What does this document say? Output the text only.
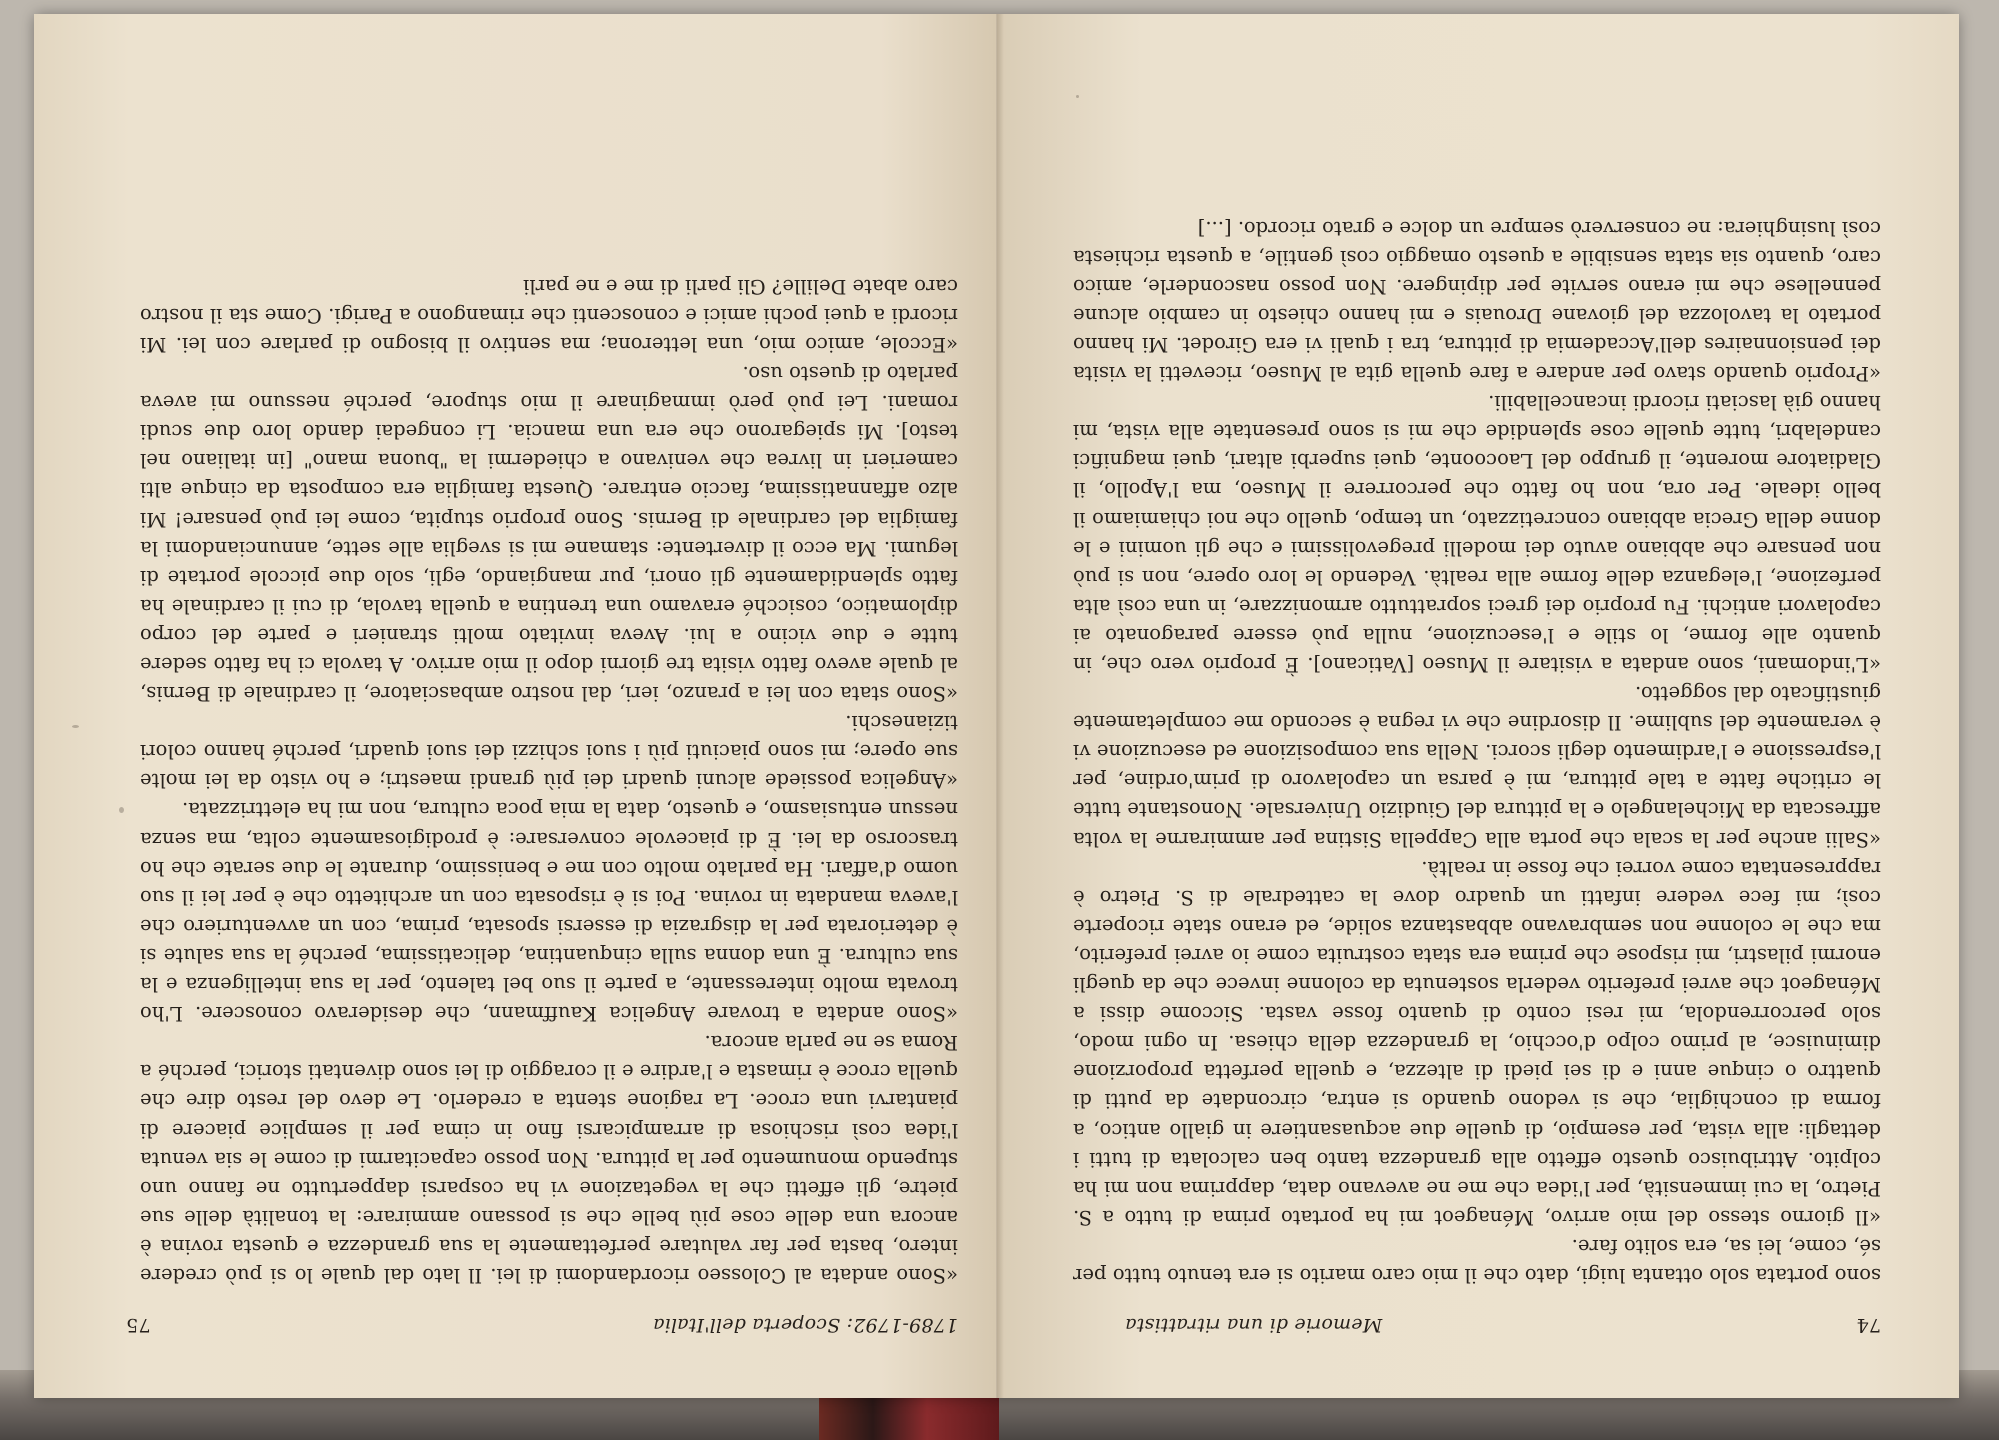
74
Memorie di una ritrattista

sono portata solo ottanta luigi, dato che il mio caro marito si era tenuto tutto per sé, come, lei sa, era solito fare.

«Il giorno stesso del mio arrivo, Ménageot mi ha portato prima di tutto a S. Pietro, la cui immensità, per l'idea che me ne avevano data, dapprima non mi ha colpito. Attribuisco questo effetto alla grandezza tanto ben calcolata di tutti i dettagli: alla vista, per esempio, di quelle due acquasantiere in giallo antico, a forma di conchiglia, che si vedono quando si entra, circondate da putti di quattro o cinque anni e di sei piedi di altezza, e quella perfetta proporzione diminuisce, al primo colpo d'occhio, la grandezza della chiesa. In ogni modo, solo percorrendola, mi resi conto di quanto fosse vasta. Siccome dissi a Ménageot che avrei preferito vederla sostenuta da colonne invece che da quegli enormi pilastri, mi rispose che prima era stata costruita come io avrei preferito, ma che le colonne non sembravano abbastanza solide, ed erano state ricoperte così; mi fece vedere infatti un quadro dove la cattedrale di S. Pietro è rappresentata come vorrei che fosse in realtà.

«Salii anche per la scala che porta alla Cappella Sistina per ammirarne la volta affrescata da Michelangelo e la pittura del Giudizio Universale. Nonostante tutte le critiche fatte a tale pittura, mi è parsa un capolavoro di prim'ordine, per l'espressione e l'ardimento degli scorci. Nella sua composizione ed esecuzione vi è veramente del sublime. Il disordine che vi regna è secondo me completamente giustificato dal soggetto.

«L'indomani, sono andata a visitare il Museo [Vaticano]. È proprio vero che, in quanto alle forme, lo stile e l'esecuzione, nulla può essere paragonato ai capolavori antichi. Fu proprio dei greci soprattutto armonizzare, in una così alta perfezione, l'eleganza delle forme alla realtà. Vedendo le loro opere, non si può non pensare che abbiano avuto dei modelli pregevolissimi e che gli uomini e le donne della Grecia abbiano concretizzato, un tempo, quello che noi chiamiamo il bello ideale. Per ora, non ho fatto che percorrere il Museo, ma l'Apollo, il Gladiatore morente, il gruppo del Laocoonte, quei superbi altari, quei magnifici candelabri, tutte quelle cose splendide che mi si sono presentate alla vista, mi hanno già lasciati ricordi incancellabili.

«Proprio quando stavo per andare a fare quella gita al Museo, ricevetti la visita dei pensionnaires dell'Accademia di pittura, tra i quali vi era Girodet. Mi hanno portato la tavolozza del giovane Drouais e mi hanno chiesto in cambio alcune pennellese che mi erano servite per dipingere. Non posso nasconderle, amico caro, quanto sia stata sensibile a questo omaggio così gentile, a questa richiesta così lusinghiera: ne conserverò sempre un dolce e grato ricordo. [...]

1789-1792: Scoperta dell'Italia
75

«Sono andata al Colosseo ricordandomi di lei. Il lato dal quale lo si può credere intero, basta per far valutare perfettamente la sua grandezza e questa rovina è ancora una delle cose più belle che si possano ammirare: la tonalità delle sue pietre, gli effetti che la vegetazione vi ha cosparsi dappertutto ne fanno uno stupendo monumento per la pittura. Non posso capacitarmi di come le sia venuta l'idea così rischiosa di arrampicarsi fino in cima per il semplice piacere di piantarvi una croce. La ragione stenta a crederlo. Le devo del resto dire che quella croce è rimasta e l'ardire e il coraggio di lei sono diventati storici, perché a Roma se ne parla ancora.

«Sono andata a trovare Angelica Kauffmann, che desideravo conoscere. L'ho trovata molto interessante, a parte il suo bel talento, per la sua intelligenza e la sua cultura. È una donna sulla cinquantina, delicatissima, perché la sua salute si è deteriorata per la disgrazia di essersi sposata, prima, con un avventuriero che l'aveva mandata in rovina. Poi si è risposata con un architetto che è per lei il suo uomo d'affari. Ha parlato molto con me e benissimo, durante le due serate che ho trascorso da lei. È di piacevole conversare: è prodigiosamente colta, ma senza nessun entusiasmo, e questo, data la mia poca cultura, non mi ha elettrizzata.

«Angelica possiede alcuni quadri dei più grandi maestri; e ho visto da lei molte sue opere; mi sono piaciuti più i suoi schizzi dei suoi quadri, perché hanno colori tizianeschi.

«Sono stata con lei a pranzo, ieri, dal nostro ambasciatore, il cardinale di Bernis, al quale avevo fatto visita tre giorni dopo il mio arrivo. A tavola ci ha fatto sedere tutte e due vicino a lui. Aveva invitato molti stranieri e parte del corpo diplomatico, cosicché eravamo una trentina a quella tavola, di cui il cardinale ha fatto splendidamente gli onori, pur mangiando, egli, solo due piccole portate di legumi. Ma ecco il divertente: stamane mi si sveglia alle sette, annunciandomi la famiglia del cardinale di Bernis. Sono proprio stupita, come lei può pensare! Mi alzo affannatissima, faccio entrare. Questa famiglia era composta da cinque alti camerieri in livrea che venivano a chiedermi la "buona mano" [in italiano nel testo]. Mi spiegarono che era una mancia. Li congedai dando loro due scudi romani. Lei può però immaginare il mio stupore, perché nessuno mi aveva parlato di questo uso.

«Eccole, amico mio, una letterona; ma sentivo il bisogno di parlare con lei. Mi ricordi a quei pochi amici e conoscenti che rimangono a Parigi. Come sta il nostro caro abate Delille? Gli parli di me e ne parli
